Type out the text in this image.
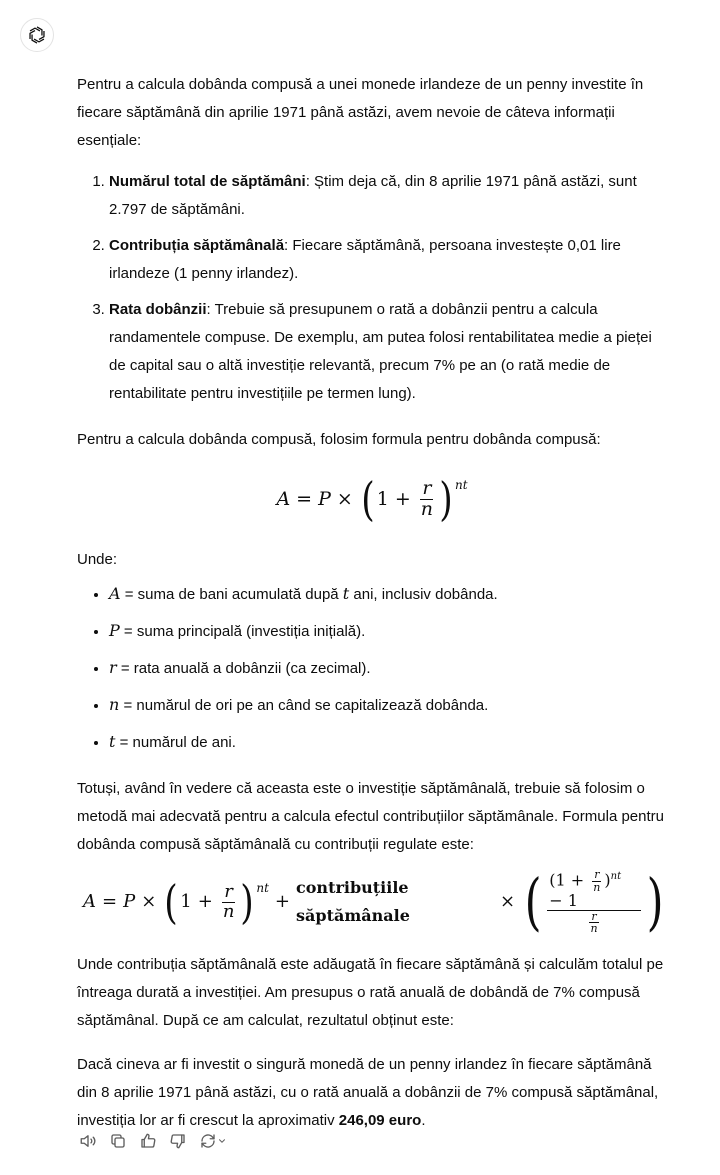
Pentru a calcula dobânda compusă a unei monede irlandeze de un penny investite în fiecare săptămână din aprilie 1971 până astăzi, avem nevoie de câteva informații esențiale:

1. Numărul total de săptămâni: Știm deja că, din 8 aprilie 1971 până astăzi, sunt 2.797 de săptămâni.
2. Contribuția săptămânală: Fiecare săptămână, persoana investește 0,01 lire irlandeze (1 penny irlandez).
3. Rata dobânzii: Trebuie să presupunem o rată a dobânzii pentru a calcula randamentele compuse. De exemplu, am putea folosi rentabilitatea medie a pieței de capital sau o altă investiție relevantă, precum 7% pe an (o rată medie de rentabilitate pentru investițiile pe termen lung).

Pentru a calcula dobânda compusă, folosim formula pentru dobânda compusă:

A = P × ( $1 + \frac{r}{n} )^{nt}$

Unde:

• A = suma de bani acumulată după t ani, inclusiv dobânda.
• P = suma principală (investiția inițială).
• r = rata anuală a dobânzii (ca zecimal).
• n = numărul de ori pe an când se capitalizează dobânda.
• t = numărul de ani.

Totuși, având în vedere că aceasta este o investiție săptămânală, trebuie să folosim o metodă mai adecvată pentru a calcula efectul contribuțiilor săptămânale. Formula pentru dobânda compusă săptămânală cu contribuții regulate este:

A = P × ( $1 + \frac{r}{n} )^{nt}$
+
contribuțiile săptămânale
× ( $\frac{(1 + \frac{r}{n} )^{nt} - 1}{\frac{r}{n}}$ )

Unde contribuția săptămânală este adăugată în fiecare săptămână și calculăm totalul pe întreaga durată a investiției. Am presupus o rată anuală de dobândă de 7% compusă săptămânal. După ce am calculat, rezultatul obținut este:

Dacă cineva ar fi investit o singură monedă de un penny irlandez în fiecare săptămână din 8 aprilie 1971 până astăzi, cu o rată anuală a dobânzii de 7% compusă săptămânal, investiția lor ar fi crescut la aproximativ 246,09 euro.
